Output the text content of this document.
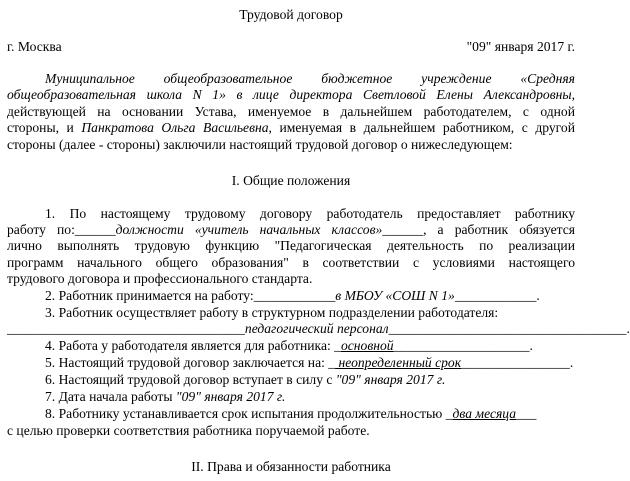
Трудовой договор
г. Москва	"09" января 2017 г.
Муниципальное общеобразовательное бюджетное учреждение «Средняя
общеобразовательная школа N 1» в лице директора Светловой Елены Александровны,
действующей на основании Устава, именуемое в дальнейшем работодателем, с одной
стороны, и Панкратова Ольга Васильевна, именуемая в дальнейшем работником, с другой
стороны (далее - стороны) заключили настоящий трудовой договор о нижеследующем:
I. Общие положения
1. По настоящему трудовому договору работодатель предоставляет работнику
работу по:______должности «учитель начальных классов»______, а работник обязуется
лично выполнять трудовую функцию "Педагогическая деятельность по реализации
программ начального общего образования" в соответствии с условиями настоящего
трудового договора и профессионального стандарта.
2. Работник принимается на работу:____________в МБОУ «СОШ N 1»____________.
3. Работник осуществляет работу в структурном подразделении работодателя:
___________________________________педагогический персонал___________________________________.
4. Работа у работодателя является для работника: _основной____________________.
5. Настоящий трудовой договор заключается на: _ неопределенный срок________________.
6. Настоящий трудовой договор вступает в силу с "09" января 2017 г.
7. Дата начала работы "09" января 2017 г.
8. Работнику устанавливается срок испытания продолжительностью _два месяца___
с целью проверки соответствия работника поручаемой работе.
II. Права и обязанности работника
